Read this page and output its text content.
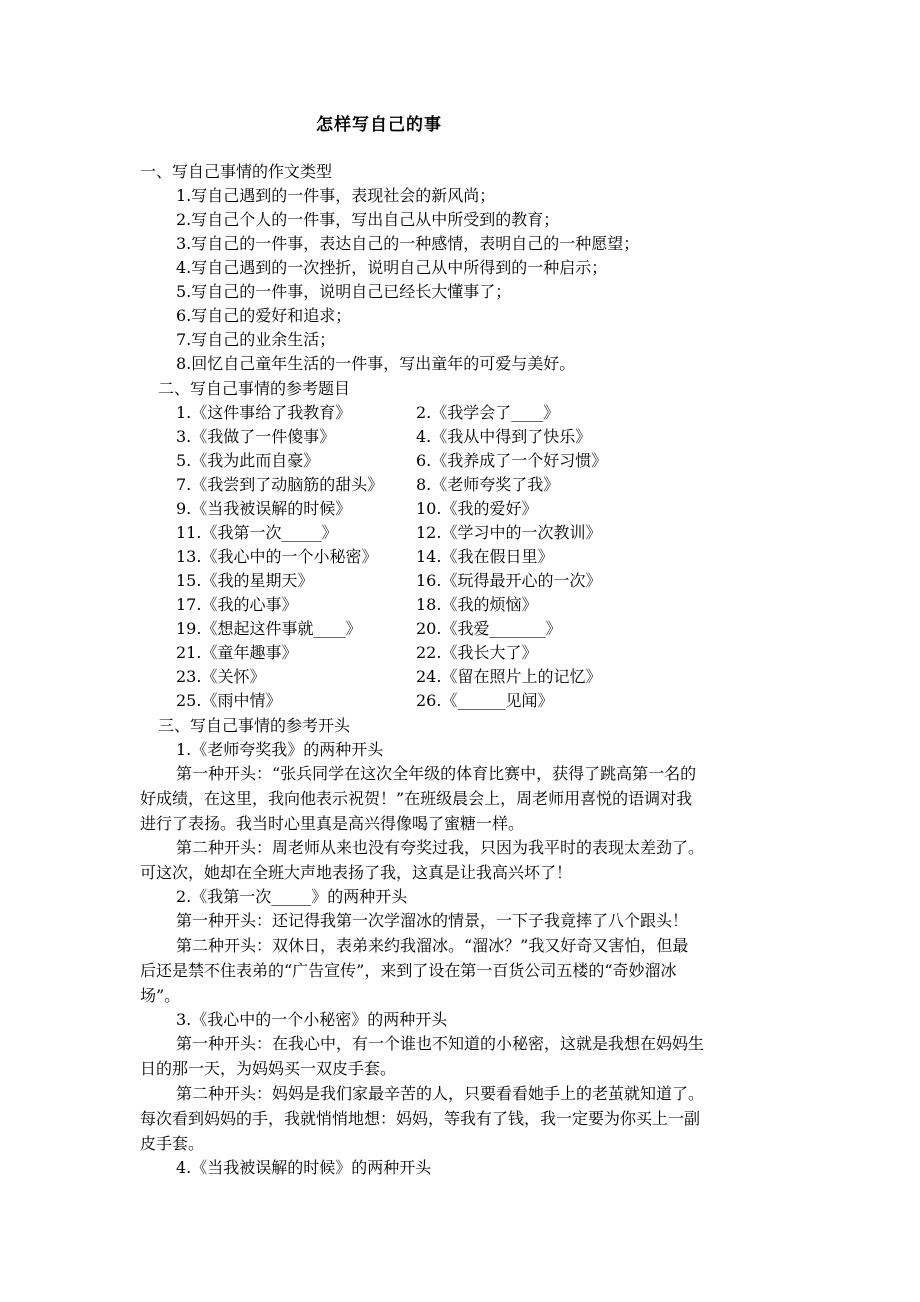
怎样写自己的事
一、写自己事情的作文类型
1.写自己遇到的一件事，表现社会的新风尚；
2.写自己个人的一件事，写出自己从中所受到的教育；
3.写自己的一件事，表达自己的一种感情，表明自己的一种愿望；
4.写自己遇到的一次挫折，说明自己从中所得到的一种启示；
5.写自己的一件事，说明自己已经长大懂事了；
6.写自己的爱好和追求；
7.写自己的业余生活；
8.回忆自己童年生活的一件事，写出童年的可爱与美好。
二、写自己事情的参考题目
1.《这件事给了我教育》	2.《我学会了____》
3.《我做了一件傻事》	4.《我从中得到了快乐》
5.《我为此而自豪》	6.《我养成了一个好习惯》
7.《我尝到了动脑筋的甜头》 8.《老师夸奖了我》
9.《当我被误解的时候》	10.《我的爱好》
11.《我第一次_____》	12.《学习中的一次教训》
13.《我心中的一个小秘密》 14.《我在假日里》
15.《我的星期天》	16.《玩得最开心的一次》
17.《我的心事》	18.《我的烦恼》
19.《想起这件事就____》	20.《我爱_______》
21.《童年趣事》	22.《我长大了》
23.《关怀》	24.《留在照片上的记忆》
25.《雨中情》	26.《______见闻》
三、写自己事情的参考开头
1.《老师夸奖我》的两种开头
第一种开头：“张兵同学在这次全年级的体育比赛中，获得了跳高第一名的
好成绩，在这里，我向他表示祝贺！”在班级晨会上，周老师用喜悦的语调对我
进行了表扬。我当时心里真是高兴得像喝了蜜糖一样。
第二种开头：周老师从来也没有夸奖过我，只因为我平时的表现太差劲了。
可这次，她却在全班大声地表扬了我，这真是让我高兴坏了！
2.《我第一次_____》的两种开头
第一种开头：还记得我第一次学溜冰的情景，一下子我竟摔了八个跟头！
第二种开头：双休日，表弟来约我溜冰。“溜冰？”我又好奇又害怕，但最
后还是禁不住表弟的“广告宣传”，来到了设在第一百货公司五楼的“奇妙溜冰
场”。
3.《我心中的一个小秘密》的两种开头
第一种开头：在我心中，有一个谁也不知道的小秘密，这就是我想在妈妈生
日的那一天，为妈妈买一双皮手套。
第二种开头：妈妈是我们家最辛苦的人，只要看看她手上的老茧就知道了。
每次看到妈妈的手，我就悄悄地想：妈妈，等我有了钱，我一定要为你买上一副
皮手套。
4.《当我被误解的时候》的两种开头
